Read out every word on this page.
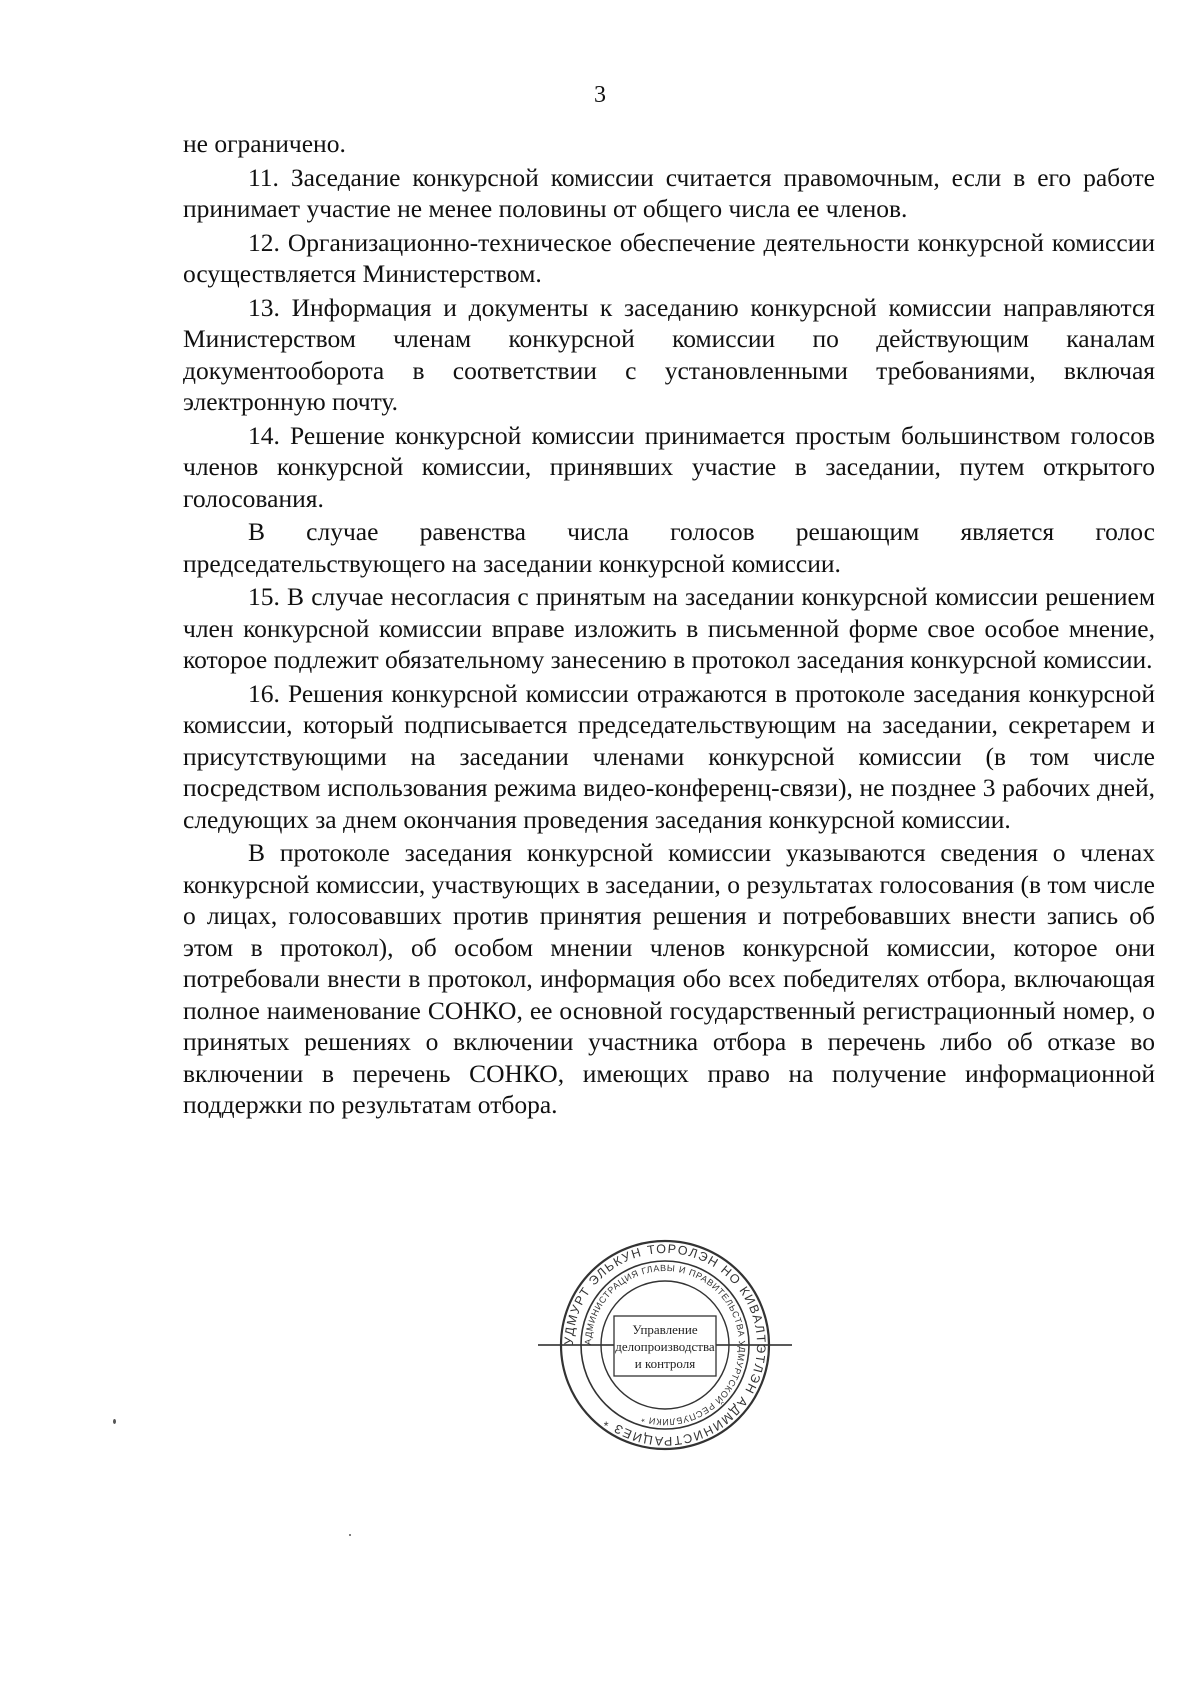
3

не ограничено.

11. Заседание конкурсной комиссии считается правомочным, если в его работе принимает участие не менее половины от общего числа ее членов.

12. Организационно-техническое обеспечение деятельности конкурсной комиссии осуществляется Министерством.

13. Информация и документы к заседанию конкурсной комиссии направляются Министерством членам конкурсной комиссии по действующим каналам документооборота в соответствии с установленными требованиями, включая электронную почту.

14. Решение конкурсной комиссии принимается простым большинством голосов членов конкурсной комиссии, принявших участие в заседании, путем открытого голосования.

В случае равенства числа голосов решающим является голос председательствующего на заседании конкурсной комиссии.

15. В случае несогласия с принятым на заседании конкурсной комиссии решением член конкурсной комиссии вправе изложить в письменной форме свое особое мнение, которое подлежит обязательному занесению в протокол заседания конкурсной комиссии.

16. Решения конкурсной комиссии отражаются в протоколе заседания конкурсной комиссии, который подписывается председательствующим на заседании, секретарем и присутствующими на заседании членами конкурсной комиссии (в том числе посредством использования режима видео-конференц-связи), не позднее 3 рабочих дней, следующих за днем окончания проведения заседания конкурсной комиссии.

В протоколе заседания конкурсной комиссии указываются сведения о членах конкурсной комиссии, участвующих в заседании, о результатах голосования (в том числе о лицах, голосовавших против принятия решения и потребовавших внести запись об этом в протокол), об особом мнении членов конкурсной комиссии, которое они потребовали внести в протокол, информация обо всех победителях отбора, включающая полное наименование СОНКО, ее основной государственный регистрационный номер, о принятых решениях о включении участника отбора в перечень либо об отказе во включении в перечень СОНКО, имеющих право на получение информационной поддержки по результатам отбора.

УДМУРТ ЭЛЬКУН ТОРОЛЭН НО КИВАЛТЭТЛЭН АДМИНИСТРАЦИЕЗ *
АДМИНИСТРАЦИЯ ГЛАВЫ И ПРАВИТЕЛЬСТВА УДМУРТСКОЙ РЕСПУБЛИКИ *
Управление
делопроизводства
и контроля
